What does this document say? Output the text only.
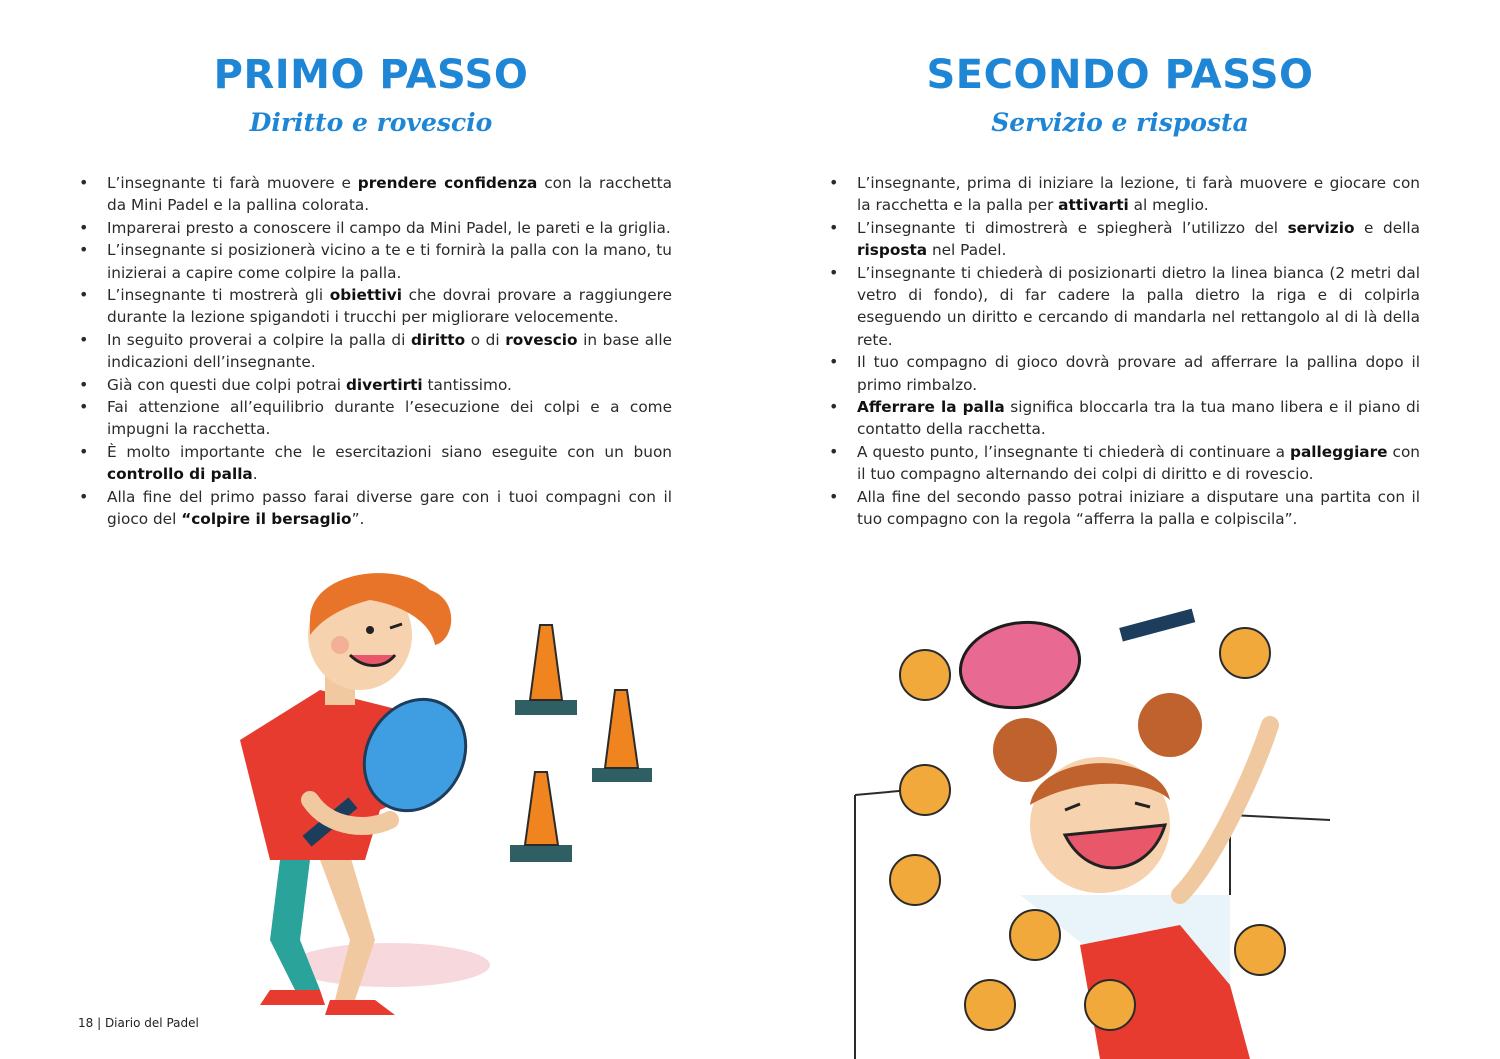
PRIMO PASSO
Diritto e rovescio
• L’insegnante ti farà muovere e prendere confidenza con la racchetta da Mini Padel e la pallina colorata.
• Imparerai presto a conoscere il campo da Mini Padel, le pareti e la griglia.
• L’insegnante si posizionerà vicino a te e ti fornirà la palla con la mano, tu inizierai a capire come colpire la palla.
• L’insegnante ti mostrerà gli obiettivi che dovrai provare a raggiungere durante la lezione spigandoti i trucchi per migliorare velocemente.
• In seguito proverai a colpire la palla di diritto o di rovescio in base alle indicazioni dell’insegnante.
• Già con questi due colpi potrai divertirti tantissimo.
• Fai attenzione all’equilibrio durante l’esecuzione dei colpi e a come impugni la racchetta.
• È molto importante che le esercitazioni siano eseguite con un buon controllo di palla.
• Alla fine del primo passo farai diverse gare con i tuoi compagni con il gioco del “colpire il bersaglio”.
SECONDO PASSO
Servizio e risposta
• L’insegnante, prima di iniziare la lezione, ti farà muovere e giocare con la racchetta e la palla per attivarti al meglio.
• L’insegnante ti dimostrerà e spiegherà l’utilizzo del servizio e della risposta nel Padel.
• L’insegnante ti chiederà di posizionarti dietro la linea bianca (2 metri dal vetro di fondo), di far cadere la palla dietro la riga e di colpirla eseguendo un diritto e cercando di mandarla nel rettangolo al di là della rete.
• Il tuo compagno di gioco dovrà provare ad afferrare la pallina dopo il primo rimbalzo.
• Afferrare la palla significa bloccarla tra la tua mano libera e il piano di contatto della racchetta.
• A questo punto, l’insegnante ti chiederà di continuare a palleggiare con il tuo compagno alternando dei colpi di diritto e di rovescio.
• Alla fine del secondo passo potrai iniziare a disputare una partita con il tuo compagno con la regola “afferra la palla e colpiscila”.
18 | Diario del Padel
